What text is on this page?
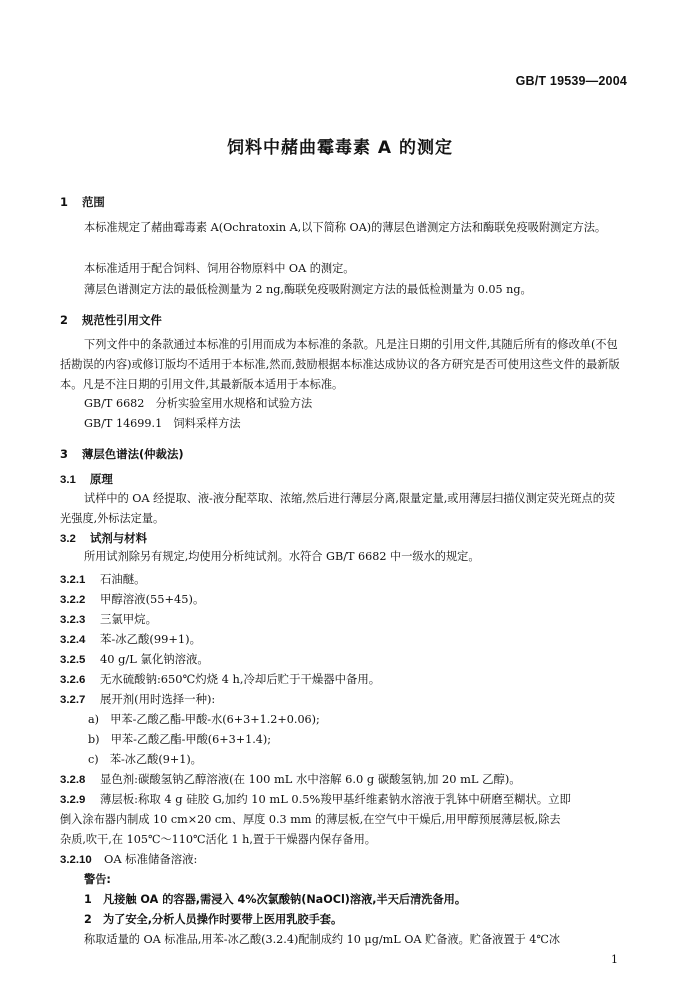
GB/T 19539—2004
饲料中赭曲霉毒素 A 的测定
1 范围
本标准规定了赭曲霉毒素 A(Ochratoxin A,以下简称 OA)的薄层色谱测定方法和酶联免疫吸附测定方法。
本标准适用于配合饲料、饲用谷物原料中 OA 的测定。
薄层色谱测定方法的最低检测量为 2 ng,酶联免疫吸附测定方法的最低检测量为 0.05 ng。
2 规范性引用文件
下列文件中的条款通过本标准的引用而成为本标准的条款。凡是注日期的引用文件,其随后所有的修改单(不包括勘误的内容)或修订版均不适用于本标准,然而,鼓励根据本标准达成协议的各方研究是否可使用这些文件的最新版本。凡是不注日期的引用文件,其最新版本适用于本标准。
GB/T 6682　分析实验室用水规格和试验方法
GB/T 14699.1　饲料采样方法
3 薄层色谱法(仲裁法)
3.1 原理
试样中的 OA 经提取、液-液分配萃取、浓缩,然后进行薄层分离,限量定量,或用薄层扫描仪测定荧光斑点的荧光强度,外标法定量。
3.2 试剂与材料
所用试剂除另有规定,均使用分析纯试剂。水符合 GB/T 6682 中一级水的规定。
3.2.1 石油醚。
3.2.2 甲醇溶液(55+45)。
3.2.3 三氯甲烷。
3.2.4 苯-冰乙酸(99+1)。
3.2.5 40 g/L 氯化钠溶液。
3.2.6 无水硫酸钠:650℃灼烧 4 h,冷却后贮于干燥器中备用。
3.2.7 展开剂(用时选择一种):
a)　甲苯-乙酸乙酯-甲酸-水(6+3+1.2+0.06);
b)　甲苯-乙酸乙酯-甲酸(6+3+1.4);
c)　苯-冰乙酸(9+1)。
3.2.8 显色剂:碳酸氢钠乙醇溶液(在 100 mL 水中溶解 6.0 g 碳酸氢钠,加 20 mL 乙醇)。
3.2.9 薄层板:称取 4 g 硅胶 G,加约 10 mL 0.5%羧甲基纤维素钠水溶液于乳钵中研磨至糊状。立即
倒入涂布器内制成 10 cm×20 cm、厚度 0.3 mm 的薄层板,在空气中干燥后,用甲醇预展薄层板,除去
杂质,吹干,在 105℃～110℃活化 1 h,置于干燥器内保存备用。
3.2.10 OA 标准储备溶液:
警告:
1　凡接触 OA 的容器,需浸入 4%次氯酸钠(NaOCl)溶液,半天后清洗备用。
2　为了安全,分析人员操作时要带上医用乳胶手套。
称取适量的 OA 标准品,用苯-冰乙酸(3.2.4)配制成约 10 μg/mL OA 贮备液。贮备液置于 4℃冰
1
